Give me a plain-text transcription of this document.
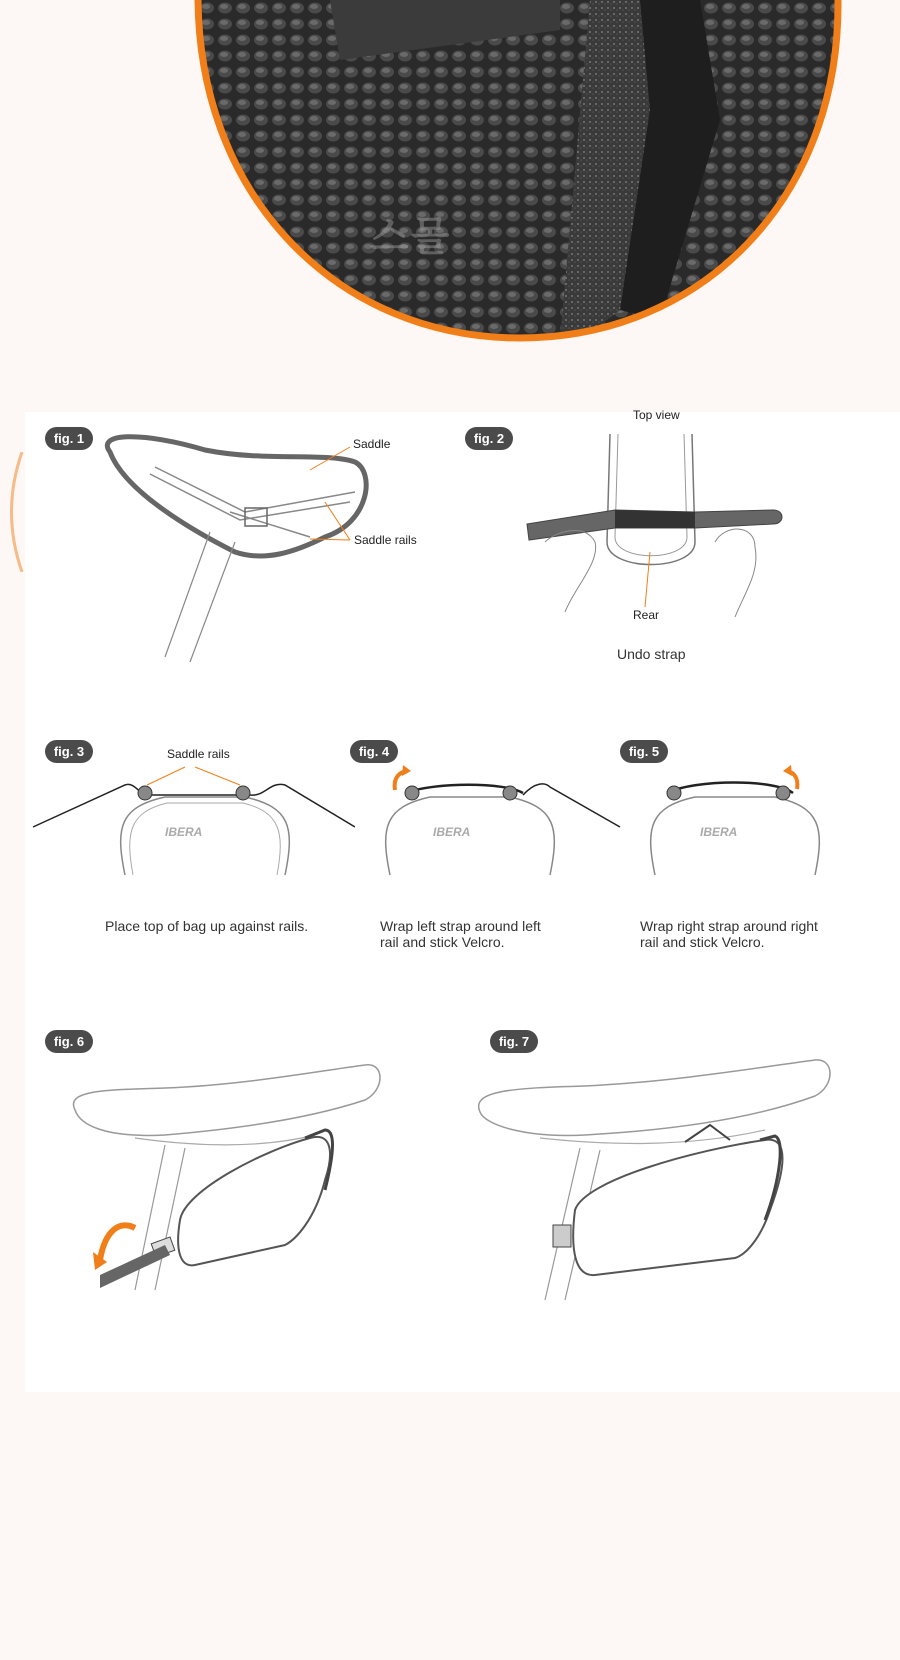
스몰
fig. 1	Saddle
Saddle rails
fig. 2
Top view
Rear
Undo strap
fig. 3	Saddle rails
IBERA
Place top of bag up against rails.
fig. 4
IBERA
Wrap left strap around left
rail and stick Velcro.
fig. 5
IBERA
Wrap right strap around right
rail and stick Velcro.
fig. 6	fig. 7
